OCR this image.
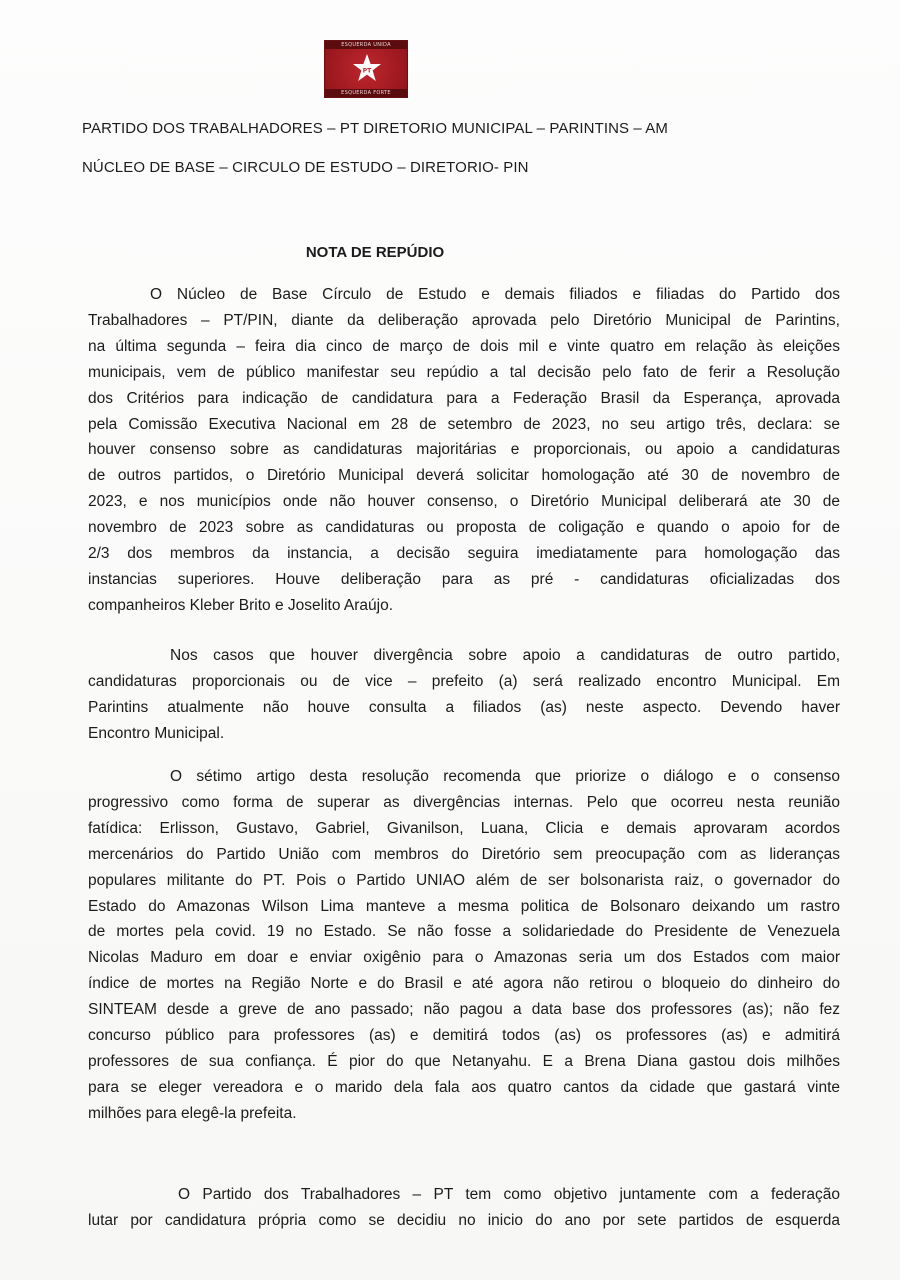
ESQUERDA UNIDA
PT
ESQUERDA FORTE
PARTIDO DOS TRABALHADORES – PT DIRETORIO MUNICIPAL – PARINTINS – AM
NÚCLEO DE BASE – CIRCULO DE ESTUDO – DIRETORIO- PIN
NOTA DE REPÚDIO
O Núcleo de Base Círculo de Estudo e demais filiados e filiadas do Partido dos
Trabalhadores – PT/PIN, diante da deliberação aprovada pelo Diretório Municipal de Parintins,
na última segunda – feira dia cinco de março de dois mil e vinte quatro em relação às eleições
municipais, vem de público manifestar seu repúdio a tal decisão pelo fato de ferir a Resolução
dos Critérios para indicação de candidatura para a Federação Brasil da Esperança, aprovada
pela Comissão Executiva Nacional em 28 de setembro de 2023, no seu artigo três, declara: se
houver consenso sobre as candidaturas majoritárias e proporcionais, ou apoio a candidaturas
de outros partidos, o Diretório Municipal deverá solicitar homologação até 30 de novembro de
2023, e nos municípios onde não houver consenso, o Diretório Municipal deliberará ate 30 de
novembro de 2023 sobre as candidaturas ou proposta de coligação e quando o apoio for de
2/3 dos membros da instancia, a decisão seguira imediatamente para homologação das
instancias superiores. Houve deliberação para as pré - candidaturas oficializadas dos
companheiros Kleber Brito e Joselito Araújo.
Nos casos que houver divergência sobre apoio a candidaturas de outro partido,
candidaturas proporcionais ou de vice – prefeito (a) será realizado encontro Municipal. Em
Parintins atualmente não houve consulta a filiados (as) neste aspecto. Devendo haver
Encontro Municipal.
O sétimo artigo desta resolução recomenda que priorize o diálogo e o consenso
progressivo como forma de superar as divergências internas. Pelo que ocorreu nesta reunião
fatídica: Erlisson, Gustavo, Gabriel, Givanilson, Luana, Clicia e demais aprovaram acordos
mercenários do Partido União com membros do Diretório sem preocupação com as lideranças
populares militante do PT. Pois o Partido UNIAO além de ser bolsonarista raiz, o governador do
Estado do Amazonas Wilson Lima manteve a mesma politica de Bolsonaro deixando um rastro
de mortes pela covid. 19 no Estado. Se não fosse a solidariedade do Presidente de Venezuela
Nicolas Maduro em doar e enviar oxigênio para o Amazonas seria um dos Estados com maior
índice de mortes na Região Norte e do Brasil e até agora não retirou o bloqueio do dinheiro do
SINTEAM desde a greve de ano passado; não pagou a data base dos professores (as); não fez
concurso público para professores (as) e demitirá todos (as) os professores (as) e admitirá
professores de sua confiança. É pior do que Netanyahu. E a Brena Diana gastou dois milhões
para se eleger vereadora e o marido dela fala aos quatro cantos da cidade que gastará vinte
milhões para elegê-la prefeita.
O Partido dos Trabalhadores – PT tem como objetivo juntamente com a federação
lutar por candidatura própria como se decidiu no inicio do ano por sete partidos de esquerda
